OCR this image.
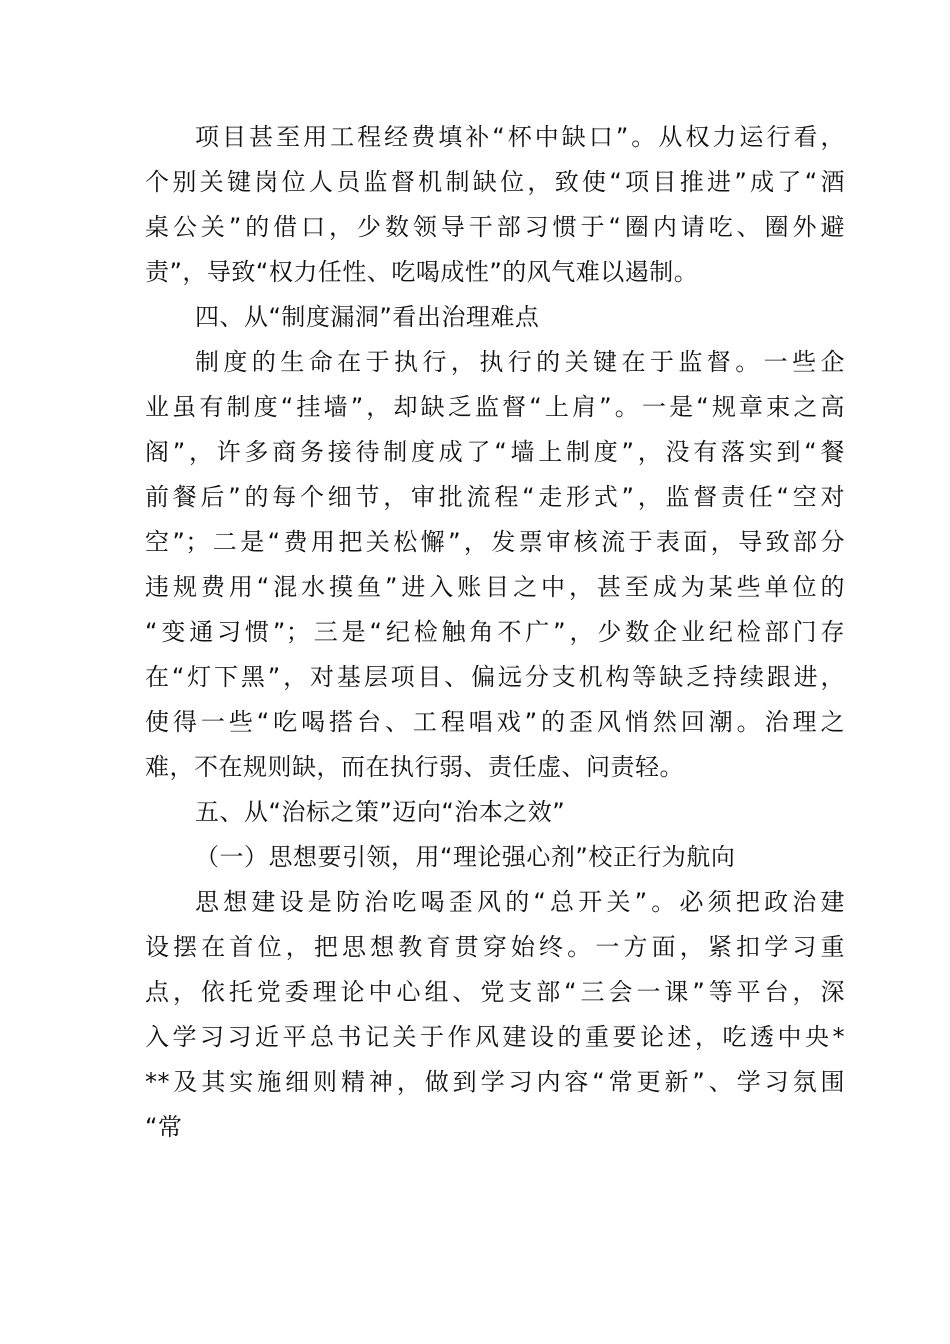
项目甚至用工程经费填补“杯中缺口”。从权力运行看，
个别关键岗位人员监督机制缺位，致使“项目推进”成了“酒
桌公关”的借口，少数领导干部习惯于“圈内请吃、圈外避
责”，导致“权力任性、吃喝成性”的风气难以遏制。
四、从“制度漏洞”看出治理难点
制度的生命在于执行，执行的关键在于监督。一些企
业虽有制度“挂墙”，却缺乏监督“上肩”。一是“规章束之高
阁”，许多商务接待制度成了“墙上制度”，没有落实到“餐
前餐后”的每个细节，审批流程“走形式”，监督责任“空对
空”；二是“费用把关松懈”，发票审核流于表面，导致部分
违规费用“混水摸鱼”进入账目之中，甚至成为某些单位的
“变通习惯”；三是“纪检触角不广”，少数企业纪检部门存
在“灯下黑”，对基层项目、偏远分支机构等缺乏持续跟进，
使得一些“吃喝搭台、工程唱戏”的歪风悄然回潮。治理之
难，不在规则缺，而在执行弱、责任虚、问责轻。
五、从“治标之策”迈向“治本之效”
（一）思想要引领，用“理论强心剂”校正行为航向
思想建设是防治吃喝歪风的“总开关”。必须把政治建
设摆在首位，把思想教育贯穿始终。一方面，紧扣学习重
点，依托党委理论中心组、党支部“三会一课”等平台，深
入学习习近平总书记关于作风建设的重要论述，吃透中央*
**及其实施细则精神，做到学习内容“常更新”、学习氛围
“常
